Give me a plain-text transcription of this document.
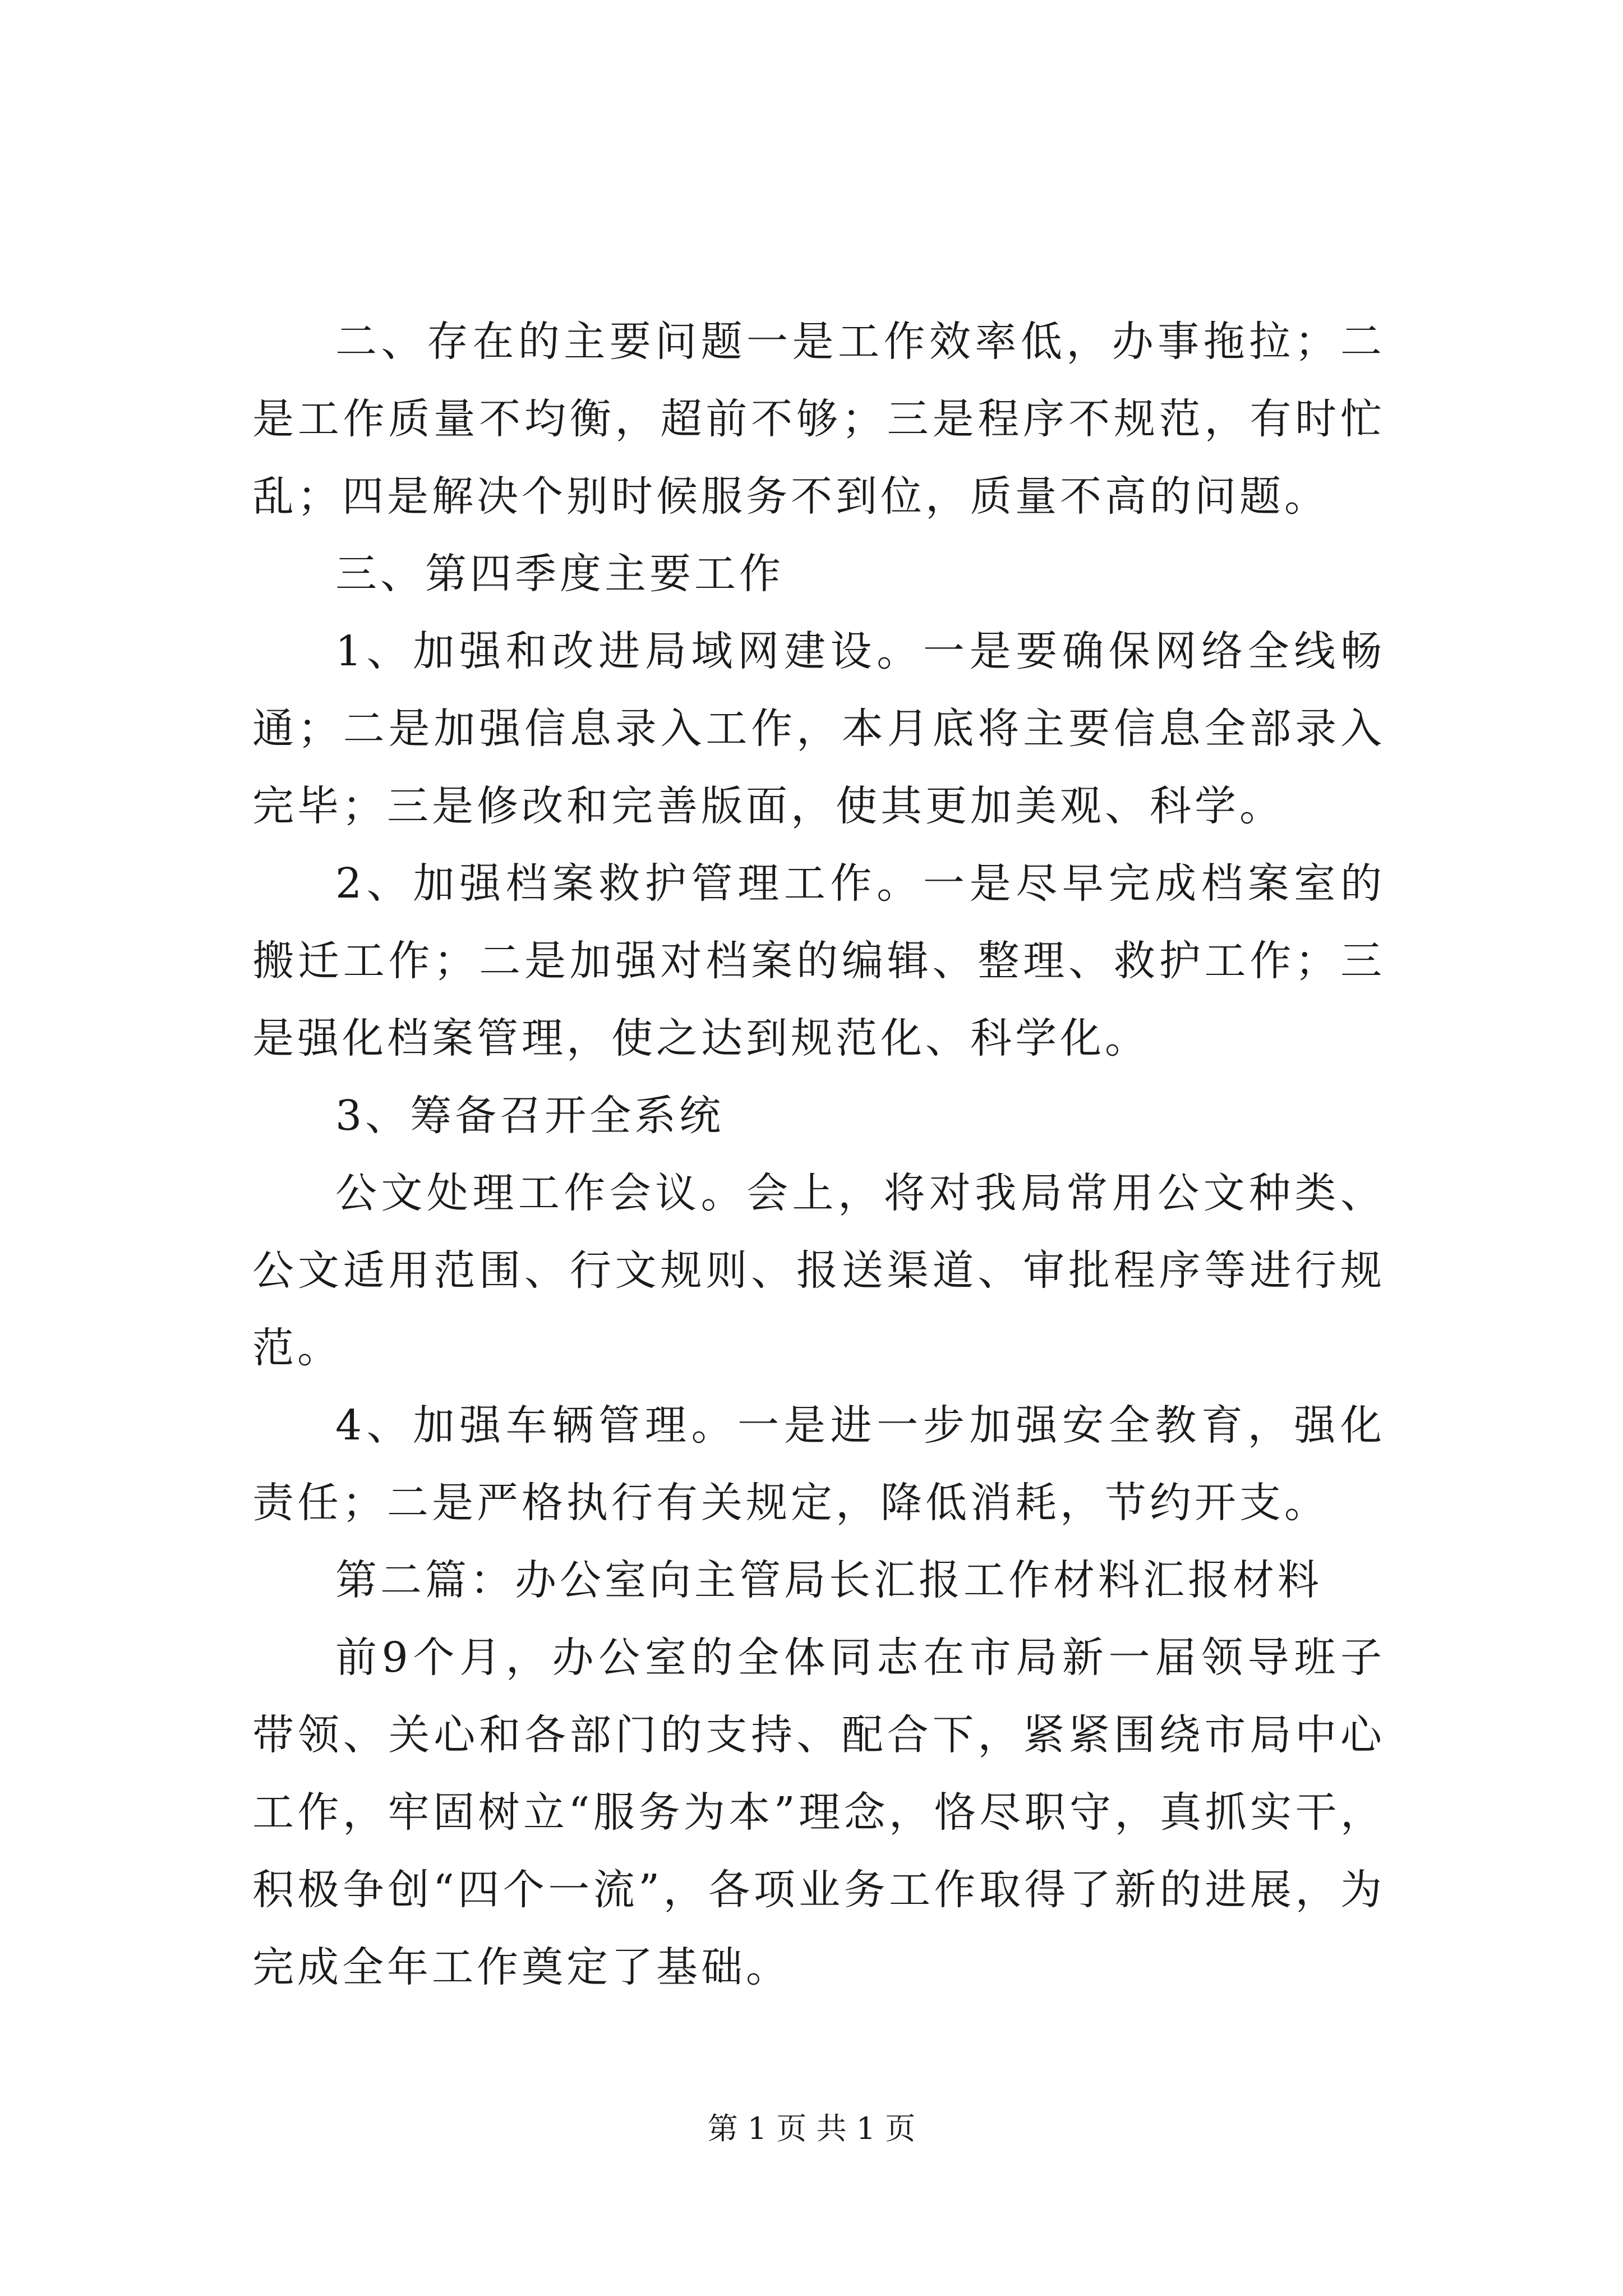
二、存在的主要问题一是工作效率低，办事拖拉；二是工作质量不均衡，超前不够；三是程序不规范，有时忙乱；四是解决个别时候服务不到位，质量不高的问题。

三、第四季度主要工作

1、加强和改进局域网建设。一是要确保网络全线畅通；二是加强信息录入工作，本月底将主要信息全部录入完毕；三是修改和完善版面，使其更加美观、科学。

2、加强档案救护管理工作。一是尽早完成档案室的搬迁工作；二是加强对档案的编辑、整理、救护工作；三是强化档案管理，使之达到规范化、科学化。

3、筹备召开全系统

公文处理工作会议。会上，将对我局常用公文种类、公文适用范围、行文规则、报送渠道、审批程序等进行规范。

4、加强车辆管理。一是进一步加强安全教育，强化责任；二是严格执行有关规定，降低消耗，节约开支。

第二篇：办公室向主管局长汇报工作材料汇报材料

前9个月，办公室的全体同志在市局新一届领导班子带领、关心和各部门的支持、配合下，紧紧围绕市局中心工作，牢固树立“服务为本”理念，恪尽职守，真抓实干，积极争创“四个一流”，各项业务工作取得了新的进展，为完成全年工作奠定了基础。

第 1 页 共 1 页
